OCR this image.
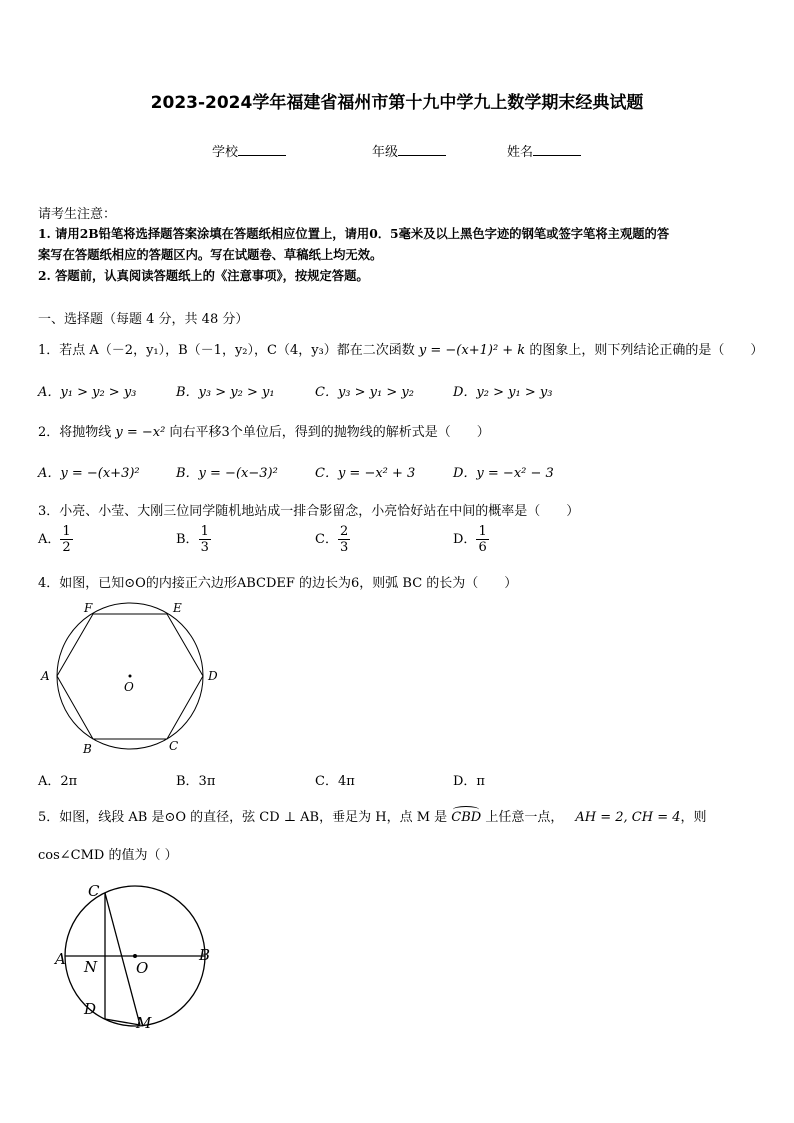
2023-2024学年福建省福州市第十九中学九上数学期末经典试题
学校	年级	姓名
请考生注意：
1. 请用2B铅笔将选择题答案涂填在答题纸相应位置上，请用0．5毫米及以上黑色字迹的钢笔或签字笔将主观题的答
案写在答题纸相应的答题区内。写在试题卷、草稿纸上均无效。
2. 答题前，认真阅读答题纸上的《注意事项》，按规定答题。
一、选择题（每题 4 分，共 48 分）
1．若点 A（－2，y₁），B（－1，y₂），C（4，y₃）都在二次函数 y = −(x+1)² + k 的图象上，则下列结论正确的是（　　）
A．y₁ > y₂ > y₃	B．y₃ > y₂ > y₁	C．y₃ > y₁ > y₂	D．y₂ > y₁ > y₃
2．将抛物线 y = −x² 向右平移3个单位后，得到的抛物线的解析式是（　　）
A．y = −(x+3)²	B．y = −(x−3)²	C．y = −x² + 3	D．y = −x² − 3
3．小亮、小莹、大刚三位同学随机地站成一排合影留念，小亮恰好站在中间的概率是（　　）
A． $\frac{1}{2}$	B． $\frac{1}{3}$	C． $\frac{2}{3}$	D． $\frac{1}{6}$
4．如图，已知⊙O的内接正六边形ABCDEF 的边长为6，则弧 BC 的长为（　　）
F	E
A	D
O
B	C
A．2π	B．3π	C．4π	D．π
5．如图，线段 AB 是⊙O 的直径，弦 CD ⊥ AB，垂足为 H，点 M 是
CBD 上任意一点， AH = 2, CH = 4，则
cos∠CMD 的值为（ ）
C
A N	O
B
D
M
